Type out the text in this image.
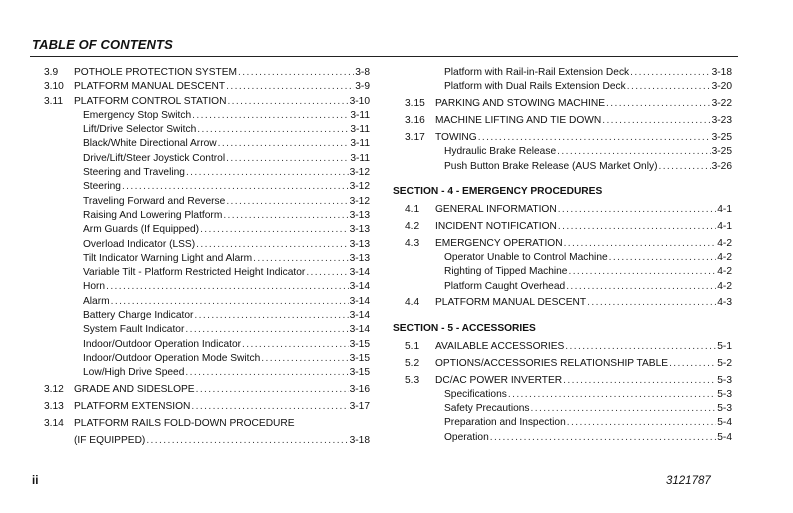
TABLE OF CONTENTS
3.9	POTHOLE PROTECTION SYSTEM .....	3-8
3.10 PLATFORM MANUAL DESCENT .....	3-9
3.11	PLATFORM CONTROL STATION .....	3-10
Emergency Stop Switch .....	3-11
Lift/Drive Selector Switch .....	3-11
Black/White Directional Arrow .....	3-11
Drive/Lift/Steer Joystick Control .....	3-11
Steering and Traveling .....	3-12
Steering .....	3-12
Traveling Forward and Reverse .....	3-12
Raising And Lowering Platform .....	3-13
Arm Guards (If Equipped) .....	3-13
Overload Indicator (LSS) .....	3-13
Tilt Indicator Warning Light and Alarm .....	3-13
Variable Tilt - Platform Restricted Height Indicator .....	3-14
Horn .....	3-14
Alarm .....	3-14
Battery Charge Indicator .....	3-14
System Fault Indicator .....	3-14
Indoor/Outdoor Operation Indicator .....	3-15
Indoor/Outdoor Operation Mode Switch .....	3-15
Low/High Drive Speed .....	3-15
3.12 GRADE AND SIDESLOPE .....	3-16
3.13 PLATFORM EXTENSION .....	3-17
3.14 PLATFORM RAILS FOLD-DOWN PROCEDURE
(IF EQUIPPED) .....	3-18
Platform with Rail-in-Rail Extension Deck .....	3-18
Platform with Dual Rails Extension Deck .....	3-20
3.15 PARKING AND STOWING MACHINE .....	3-22
3.16 MACHINE LIFTING AND TIE DOWN .....	3-23
3.17 TOWING .....	3-25
Hydraulic Brake Release .....	3-25
Push Button Brake Release (AUS Market Only) .....	3-26
SECTION - 4 - EMERGENCY PROCEDURES
4.1	GENERAL INFORMATION .....	4-1
4.2	INCIDENT NOTIFICATION .....	4-1
4.3	EMERGENCY OPERATION .....	4-2
Operator Unable to Control Machine .....	4-2
Righting of Tipped Machine .....	4-2
Platform Caught Overhead .....	4-2
4.4	PLATFORM MANUAL DESCENT .....	4-3
SECTION - 5 - ACCESSORIES
5.1	AVAILABLE ACCESSORIES .....	5-1
5.2	OPTIONS/ACCESSORIES RELATIONSHIP TABLE .....	5-2
5.3	DC/AC POWER INVERTER .....	5-3
Specifications .....	5-3
Safety Precautions .....	5-3
Preparation and Inspection .....	5-4
Operation .....	5-4
ii	3121787
